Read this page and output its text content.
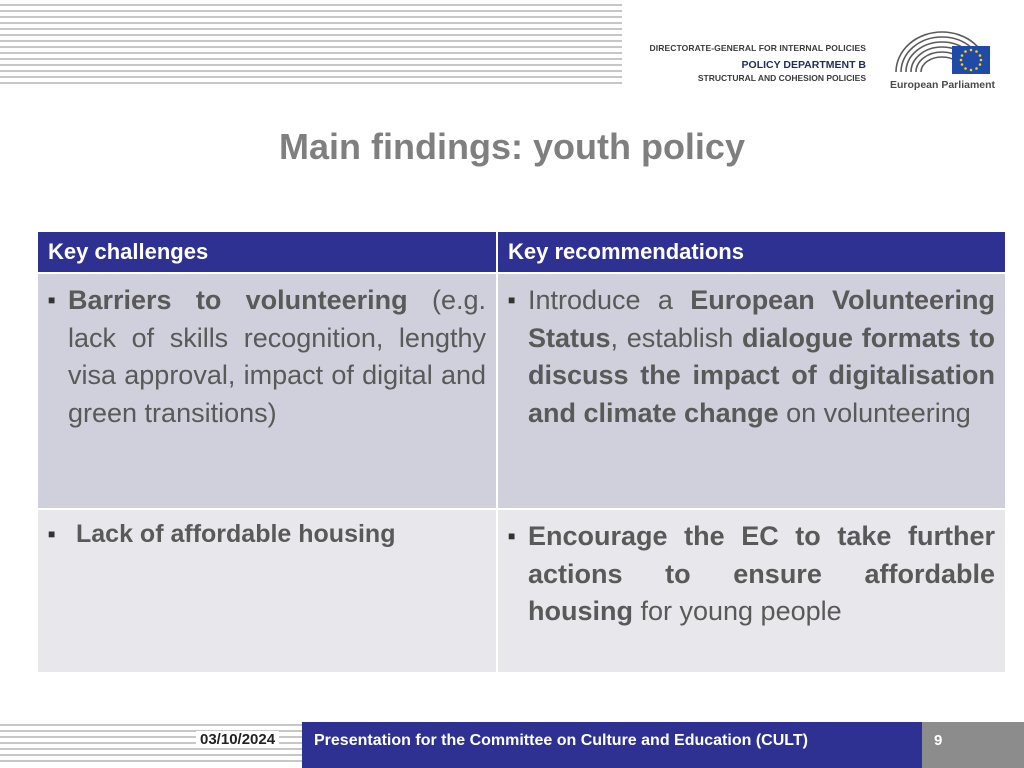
DIRECTORATE-GENERAL FOR INTERNAL POLICIES
POLICY DEPARTMENT B
STRUCTURAL AND COHESION POLICIES
European Parliament
Main findings: youth policy
Key challenges	Key recommendations

■ Barriers to volunteering (e.g. lack of skills recognition, lengthy visa approval, impact of digital and green transitions)	■ Introduce a European Volunteering Status, establish dialogue formats to discuss the impact of digitalisation and climate change on volunteering

■ Lack of affordable housing	■ Encourage the EC to take further actions to ensure affordable housing for young people
03/10/2024 Presentation for the Committee on Culture and Education (CULT)	9
